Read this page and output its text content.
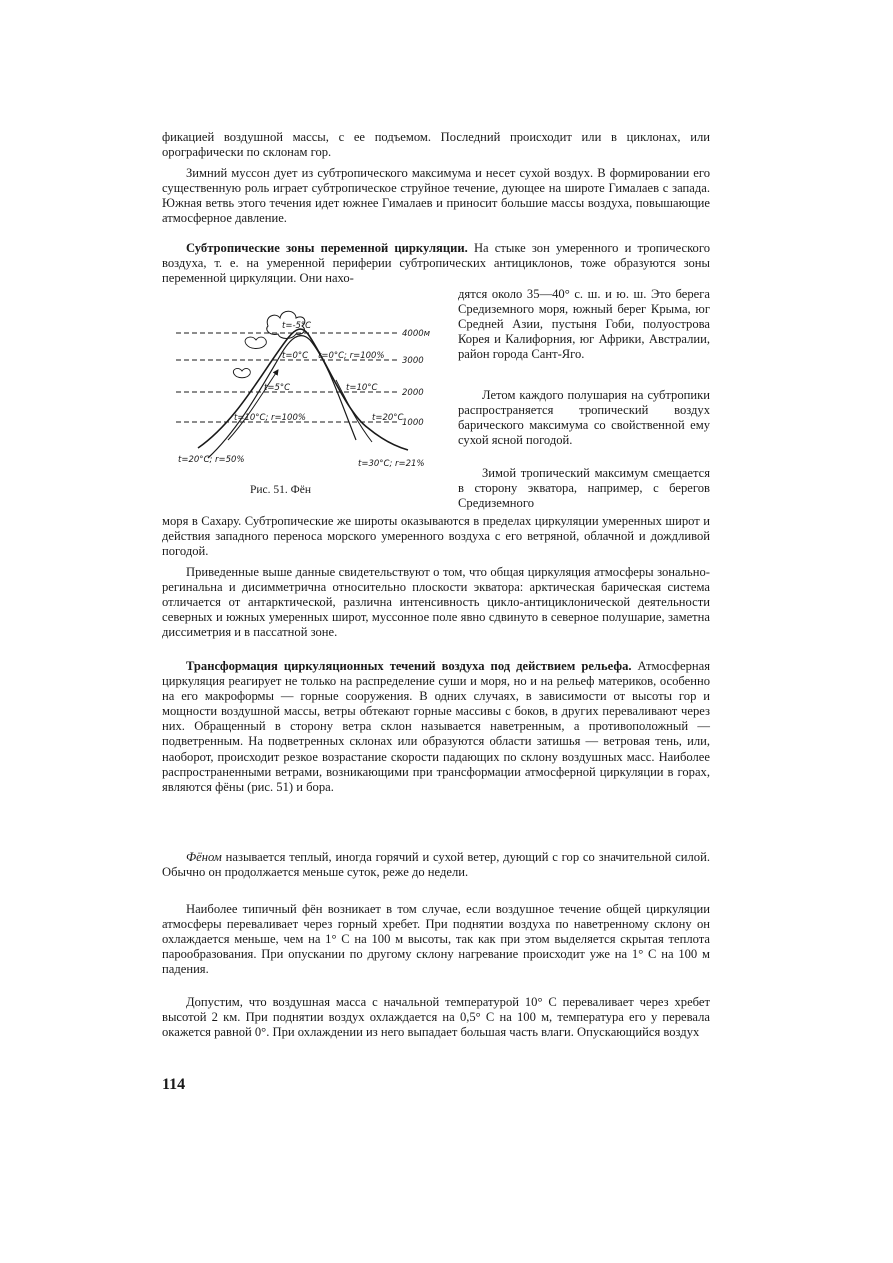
фикацией воздушной массы, с ее подъемом. Последний происходит или в циклонах, или орографически по склонам гор.

Зимний муссон дует из субтропического максимума и несет сухой воздух. В формировании его существенную роль играет субтропическое струйное течение, дующее на широте Гималаев с запада. Южная ветвь этого течения идет южнее Гималаев и приносит большие массы воздуха, повышающие атмосферное давление.

Субтропические зоны переменной циркуляции. На стыке зон умеренного и тропического воздуха, т. е. на умеренной периферии субтропических антициклонов, тоже образуются зоны переменной циркуляции. Они нахо-

t=-5°C
t=0°C t=0°C; r=100%
t=5°C	t=10°C
t=10°C; r=100%	t=20°C
t=20°C; r=50%	t=30°C; r=21%
4000м
3000
2000
1000

дятся около 35—40° с. ш. и ю. ш. Это берега Средиземного моря, южный берег Крыма, юг Средней Азии, пустыня Гоби, полуострова Корея и Калифорния, юг Африки, Австралии, район города Сант-Яго.

Летом каждого полушария на субтропики распространяется тропический воздух барического максимума со свойственной ему сухой ясной погодой.

Зимой тропический максимум смещается в сторону экватора, например, с берегов Средиземного

Рис. 51. Фён

моря в Сахару. Субтропические же широты оказываются в пределах циркуляции умеренных широт и действия западного переноса морского умеренного воздуха с его ветряной, облачной и дождливой погодой.

Приведенные выше данные свидетельствуют о том, что общая циркуляция атмосферы зонально-регинальна и дисимметрична относительно плоскости экватора: арктическая барическая система отличается от антарктической, различна интенсивность цикло-антициклонической деятельности северных и южных умеренных широт, муссонное поле явно сдвинуто в северное полушарие, заметна диссиметрия и в пассатной зоне.

Трансформация циркуляционных течений воздуха под действием рельефа. Атмосферная циркуляция реагирует не только на распределение суши и моря, но и на рельеф материков, особенно на его макроформы — горные сооружения. В одних случаях, в зависимости от высоты гор и мощности воздушной массы, ветры обтекают горные массивы с боков, в других переваливают через них. Обращенный в сторону ветра склон называется наветренным, а противоположный — подветренным. На подветренных склонах или образуются области затишья — ветровая тень, или, наоборот, происходит резкое возрастание скорости падающих по склону воздушных масс. Наиболее распространенными ветрами, возникающими при трансформации атмосферной циркуляции в горах, являются фёны (рис. 51) и бора.

Фёном называется теплый, иногда горячий и сухой ветер, дующий с гор со значительной силой. Обычно он продолжается меньше суток, реже до недели.

Наиболее типичный фён возникает в том случае, если воздушное течение общей циркуляции атмосферы переваливает через горный хребет. При поднятии воздуха по наветренному склону он охлаждается меньше, чем на 1° С на 100 м высоты, так как при этом выделяется скрытая теплота парообразования. При опускании по другому склону нагревание происходит уже на 1° С на 100 м падения.

Допустим, что воздушная масса с начальной температурой 10° С переваливает через хребет высотой 2 км. При поднятии воздух охлаждается на 0,5° С на 100 м, температура его у перевала окажется равной 0°. При охлаждении из него выпадает большая часть влаги. Опускающийся воздух

114
